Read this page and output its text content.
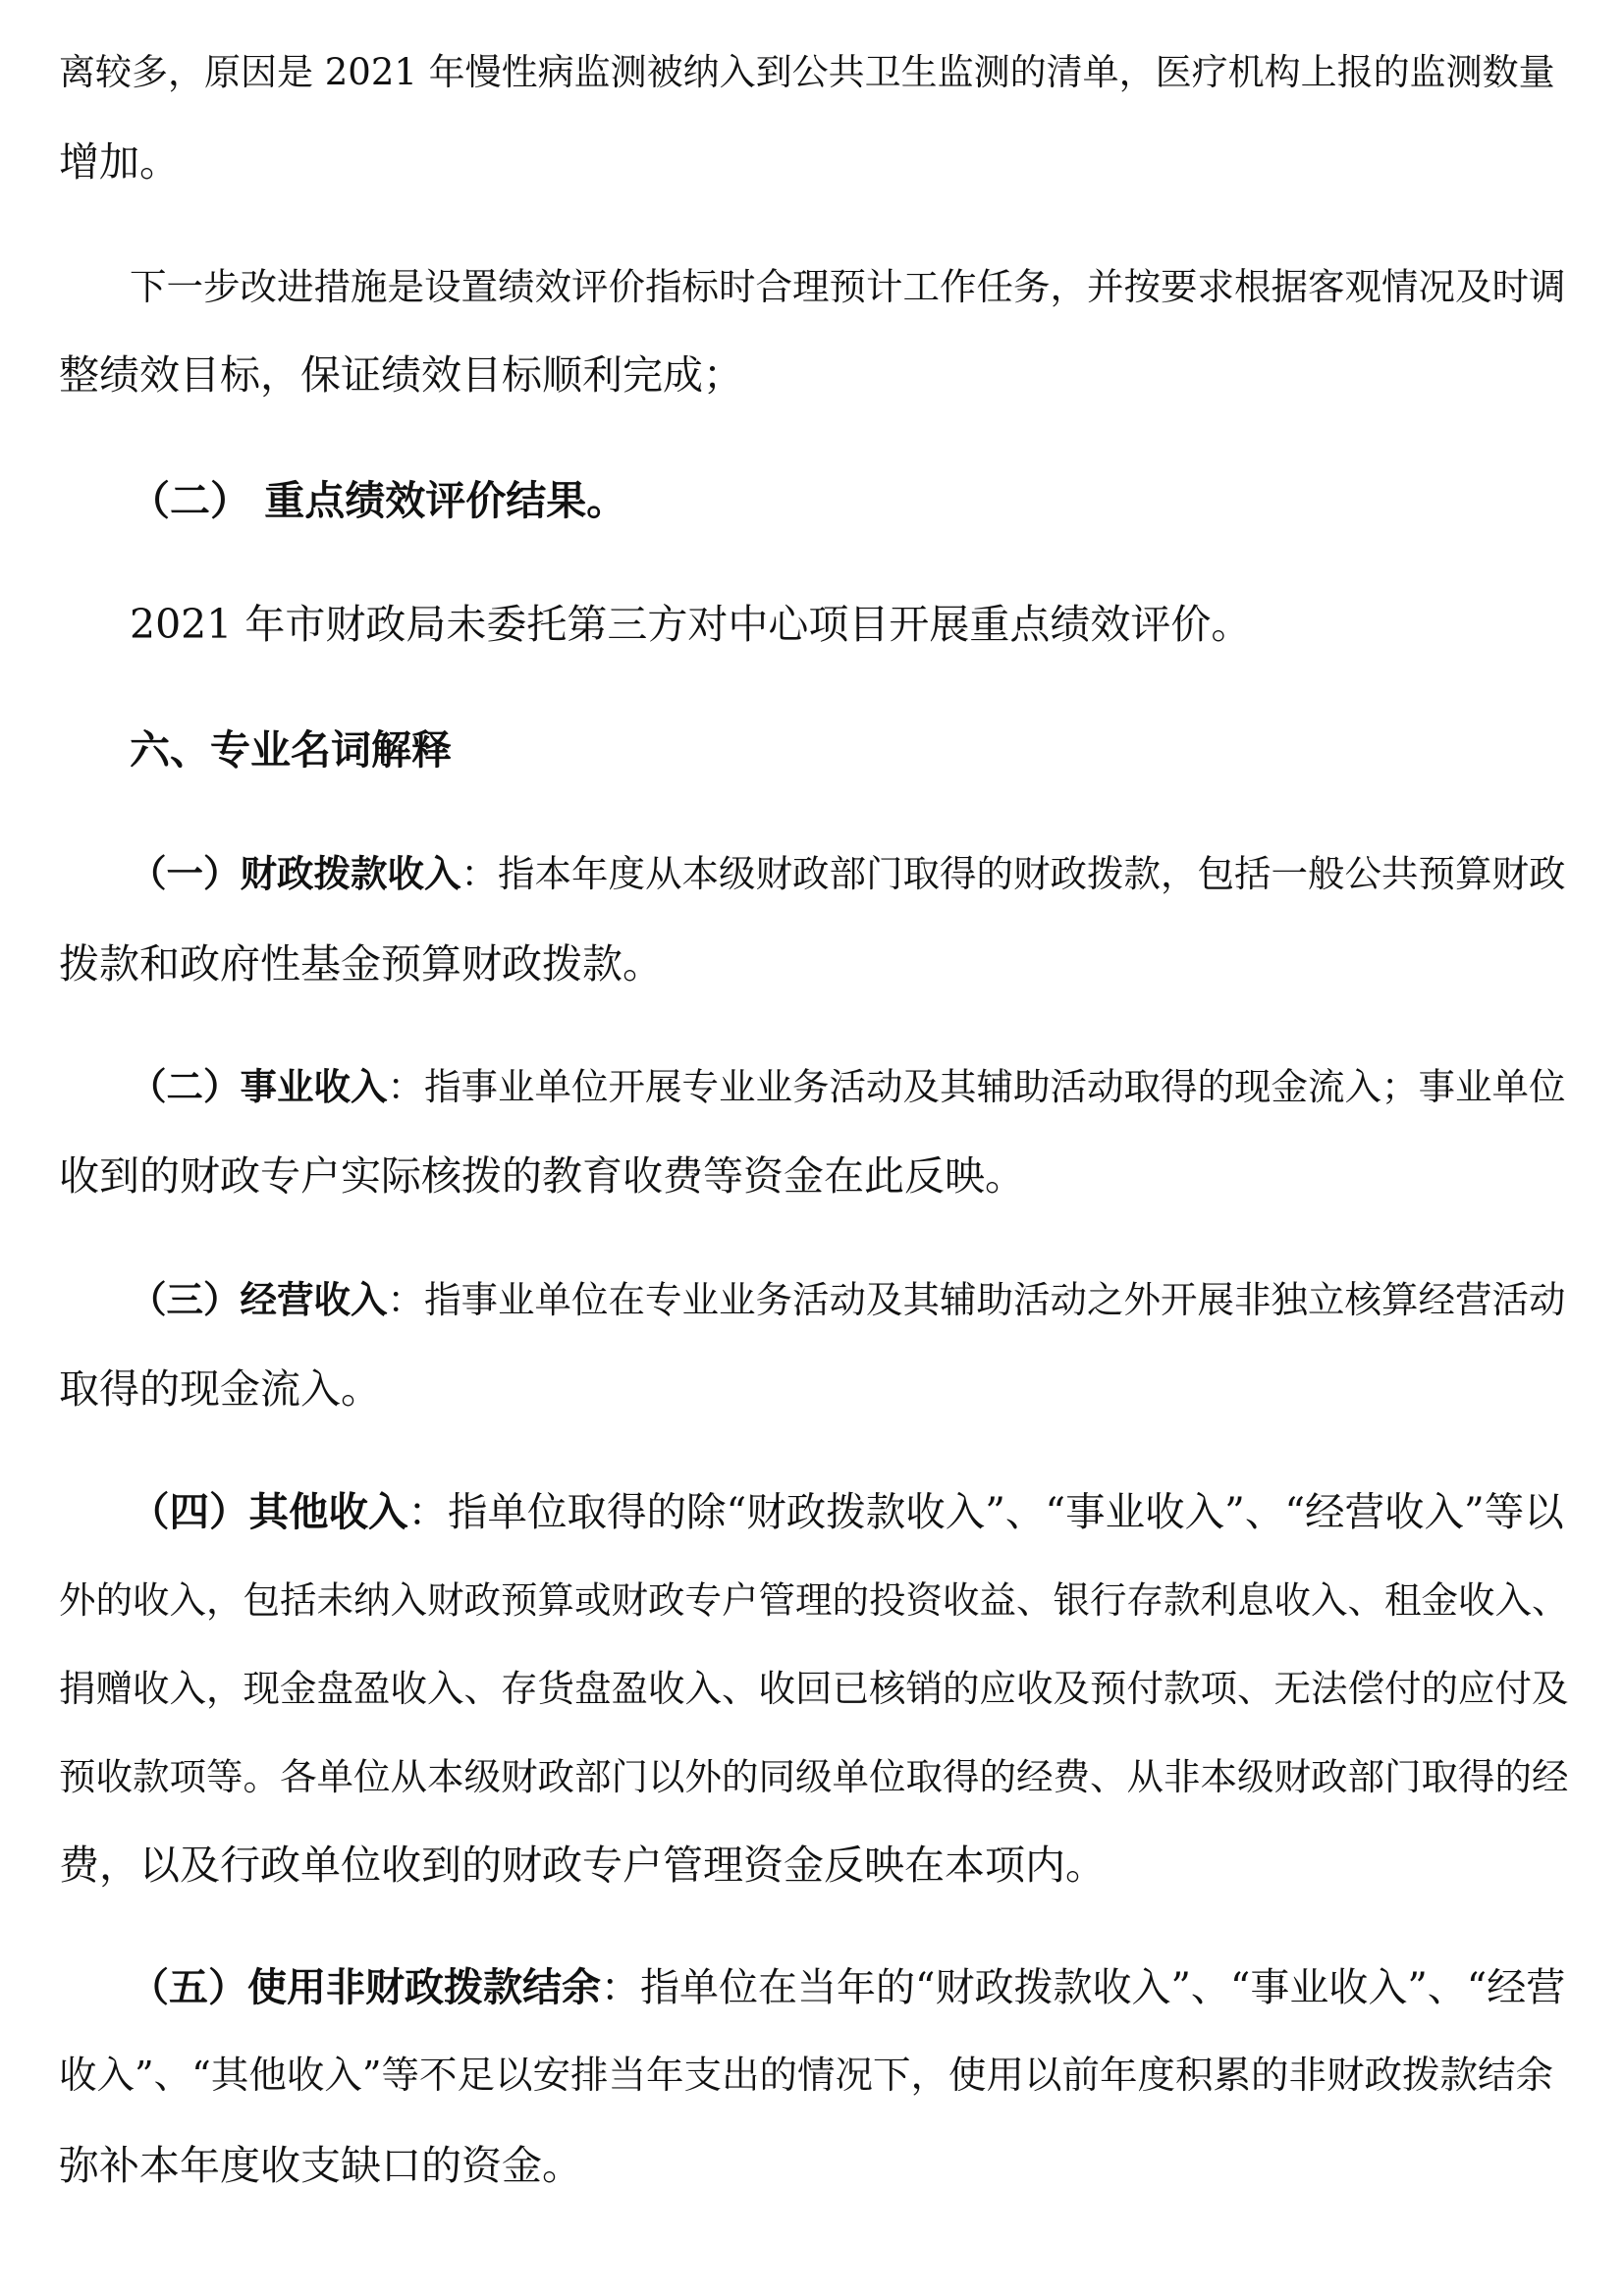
离较多，原因是 2021 年慢性病监测被纳入到公共卫生监测的清单，医疗机构上报的监测数量
增加。
下一步改进措施是设置绩效评价指标时合理预计工作任务，并按要求根据客观情况及时调
整绩效目标，保证绩效目标顺利完成；
（二） 重点绩效评价结果。
2021 年市财政局未委托第三方对中心项目开展重点绩效评价。
六、专业名词解释
（一）财政拨款收入：指本年度从本级财政部门取得的财政拨款，包括一般公共预算财政
拨款和政府性基金预算财政拨款。
（二）事业收入：指事业单位开展专业业务活动及其辅助活动取得的现金流入；事业单位
收到的财政专户实际核拨的教育收费等资金在此反映。
（三）经营收入：指事业单位在专业业务活动及其辅助活动之外开展非独立核算经营活动
取得的现金流入。
（四）其他收入：指单位取得的除“财政拨款收入”、“事业收入”、“经营收入”等以
外的收入，包括未纳入财政预算或财政专户管理的投资收益、银行存款利息收入、租金收入、
捐赠收入，现金盘盈收入、存货盘盈收入、收回已核销的应收及预付款项、无法偿付的应付及
预收款项等。各单位从本级财政部门以外的同级单位取得的经费、从非本级财政部门取得的经
费，以及行政单位收到的财政专户管理资金反映在本项内。
（五）使用非财政拨款结余：指单位在当年的“财政拨款收入”、“事业收入”、“经营
收入”、“其他收入”等不足以安排当年支出的情况下，使用以前年度积累的非财政拨款结余
弥补本年度收支缺口的资金。
